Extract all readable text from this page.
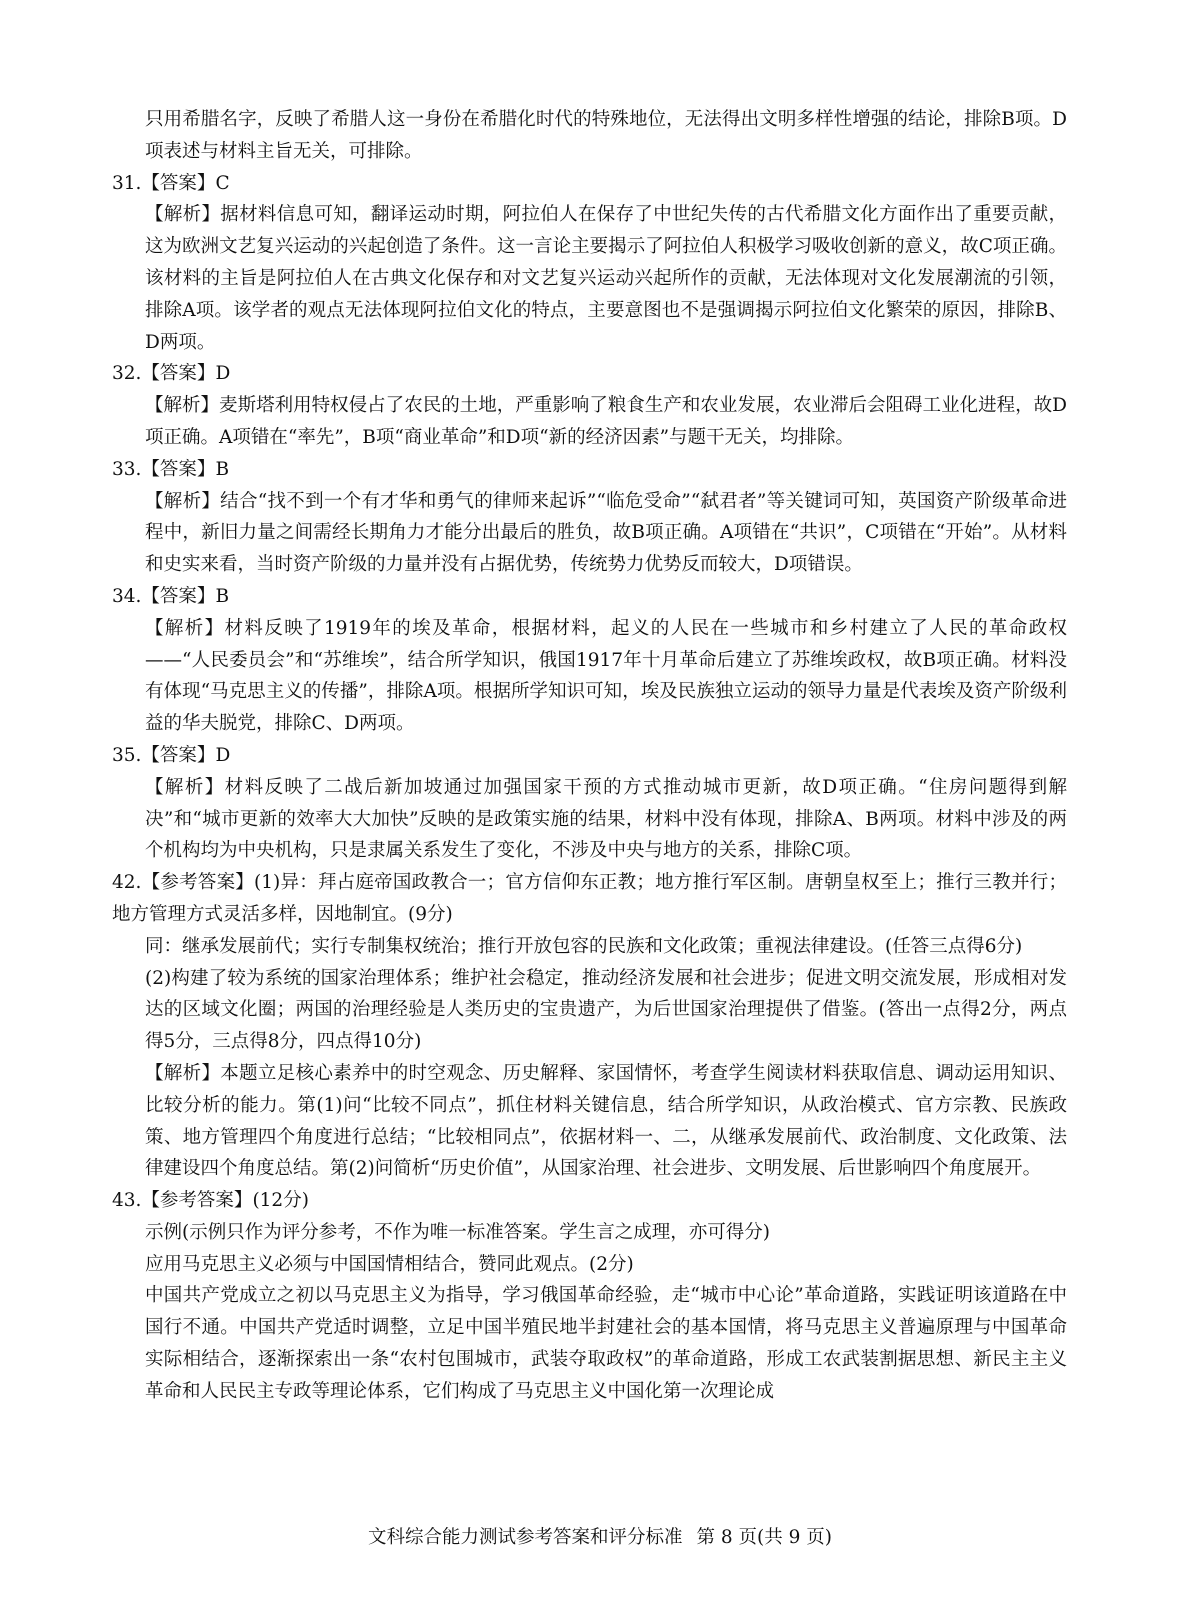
只用希腊名字，反映了希腊人这一身份在希腊化时代的特殊地位，无法得出文明多样性增强的结论，排除B项。D项表述与材料主旨无关，可排除。

31.【答案】C

【解析】据材料信息可知，翻译运动时期，阿拉伯人在保存了中世纪失传的古代希腊文化方面作出了重要贡献，这为欧洲文艺复兴运动的兴起创造了条件。这一言论主要揭示了阿拉伯人积极学习吸收创新的意义，故C项正确。该材料的主旨是阿拉伯人在古典文化保存和对文艺复兴运动兴起所作的贡献，无法体现对文化发展潮流的引领，排除A项。该学者的观点无法体现阿拉伯文化的特点，主要意图也不是强调揭示阿拉伯文化繁荣的原因，排除B、D两项。

32.【答案】D

【解析】麦斯塔利用特权侵占了农民的土地，严重影响了粮食生产和农业发展，农业滞后会阻碍工业化进程，故D项正确。A项错在“率先”，B项“商业革命”和D项“新的经济因素”与题干无关，均排除。

33.【答案】B

【解析】结合“找不到一个有才华和勇气的律师来起诉”“临危受命”“弑君者”等关键词可知，英国资产阶级革命进程中，新旧力量之间需经长期角力才能分出最后的胜负，故B项正确。A项错在“共识”，C项错在“开始”。从材料和史实来看，当时资产阶级的力量并没有占据优势，传统势力优势反而较大，D项错误。

34.【答案】B

【解析】材料反映了1919年的埃及革命，根据材料，起义的人民在一些城市和乡村建立了人民的革命政权——“人民委员会”和“苏维埃”，结合所学知识，俄国1917年十月革命后建立了苏维埃政权，故B项正确。材料没有体现“马克思主义的传播”，排除A项。根据所学知识可知，埃及民族独立运动的领导力量是代表埃及资产阶级利益的华夫脱党，排除C、D两项。

35.【答案】D

【解析】材料反映了二战后新加坡通过加强国家干预的方式推动城市更新，故D项正确。“住房问题得到解决”和“城市更新的效率大大加快”反映的是政策实施的结果，材料中没有体现，排除A、B两项。材料中涉及的两个机构均为中央机构，只是隶属关系发生了变化，不涉及中央与地方的关系，排除C项。

42.【参考答案】(1)异：拜占庭帝国政教合一；官方信仰东正教；地方推行军区制。唐朝皇权至上；推行三教并行；地方管理方式灵活多样，因地制宜。(9分)

同：继承发展前代；实行专制集权统治；推行开放包容的民族和文化政策；重视法律建设。(任答三点得6分)

(2)构建了较为系统的国家治理体系；维护社会稳定，推动经济发展和社会进步；促进文明交流发展，形成相对发达的区域文化圈；两国的治理经验是人类历史的宝贵遗产，为后世国家治理提供了借鉴。(答出一点得2分，两点得5分，三点得8分，四点得10分)

【解析】本题立足核心素养中的时空观念、历史解释、家国情怀，考查学生阅读材料获取信息、调动运用知识、比较分析的能力。第(1)问“比较不同点”，抓住材料关键信息，结合所学知识，从政治模式、官方宗教、民族政策、地方管理四个角度进行总结；“比较相同点”，依据材料一、二，从继承发展前代、政治制度、文化政策、法律建设四个角度总结。第(2)问简析“历史价值”，从国家治理、社会进步、文明发展、后世影响四个角度展开。

43.【参考答案】(12分)

示例(示例只作为评分参考，不作为唯一标准答案。学生言之成理，亦可得分)

应用马克思主义必须与中国国情相结合，赞同此观点。(2分)

中国共产党成立之初以马克思主义为指导，学习俄国革命经验，走“城市中心论”革命道路，实践证明该道路在中国行不通。中国共产党适时调整，立足中国半殖民地半封建社会的基本国情，将马克思主义普遍原理与中国革命实际相结合，逐渐探索出一条“农村包围城市，武装夺取政权”的革命道路，形成工农武装割据思想、新民主主义革命和人民民主专政等理论体系，它们构成了马克思主义中国化第一次理论成

文科综合能力测试参考答案和评分标准 第 8 页(共 9 页)
